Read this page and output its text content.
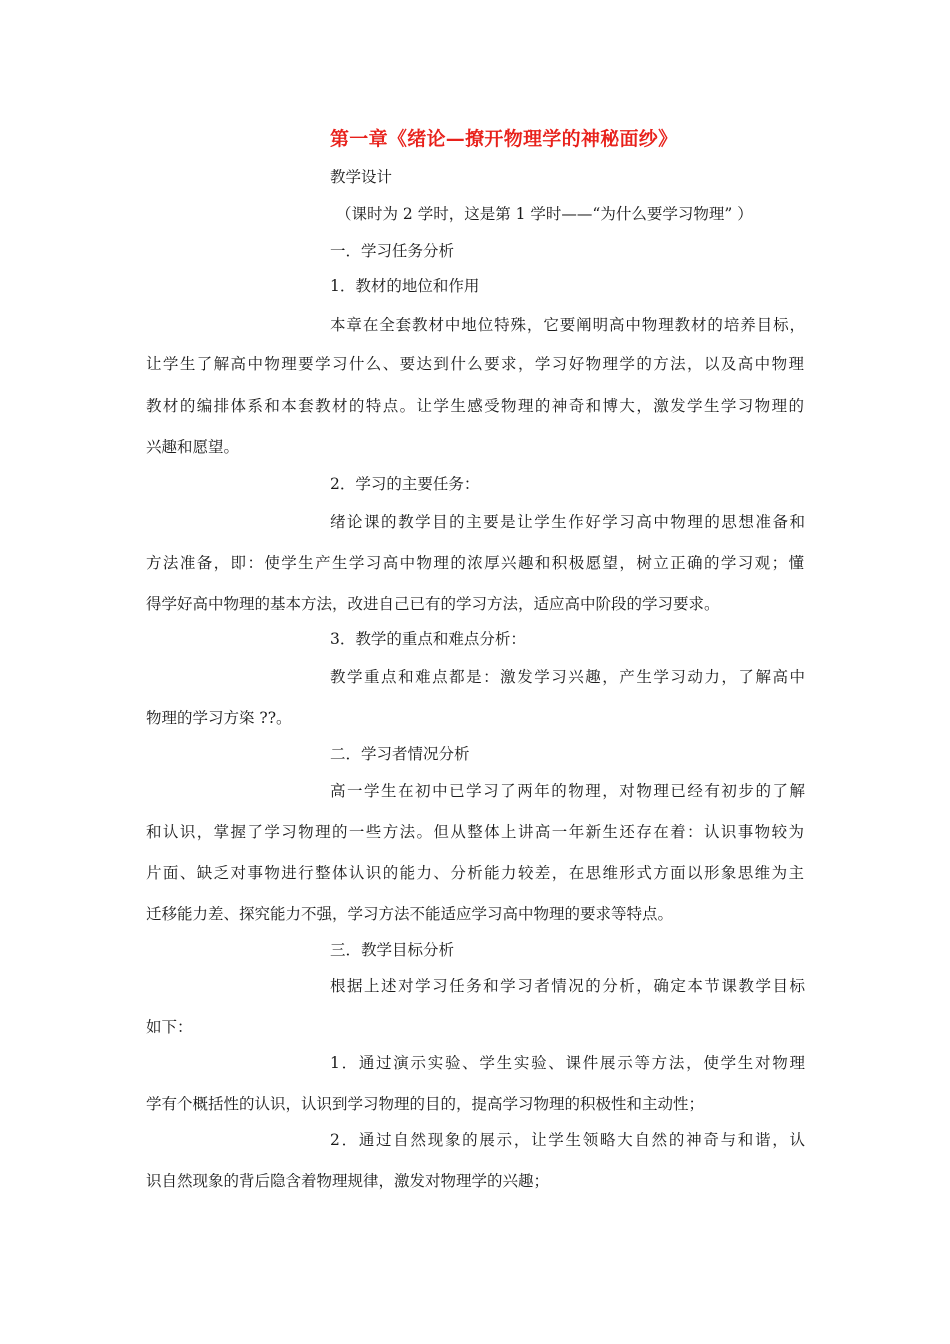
第一章《绪论—撩开物理学的神秘面纱》
教学设计
（课时为 2 学时，这是第 1 学时——“为什么要学习物理” ）
一．学习任务分析
1．教材的地位和作用
本章在全套教材中地位特殊，它要阐明高中物理教材的培养目标，
让学生了解高中物理要学习什么、要达到什么要求，学习好物理学的方法，以及高中物理
教材的编排体系和本套教材的特点。让学生感受物理的神奇和博大，激发学生学习物理的
兴趣和愿望。
2．学习的主要任务：
绪论课的教学目的主要是让学生作好学习高中物理的思想准备和
方法准备，即：使学生产生学习高中物理的浓厚兴趣和积极愿望，树立正确的学习观；懂
得学好高中物理的基本方法，改进自己已有的学习方法，适应高中阶段的学习要求。
3．教学的重点和难点分析：
教学重点和难点都是：激发学习兴趣，产生学习动力，了解高中
物理的学习方栥 ??。
二．学习者情况分析
高一学生在初中已学习了两年的物理，对物理已经有初步的了解
和认识，掌握了学习物理的一些方法。但从整体上讲高一年新生还存在着：认识事物较为
片面、缺乏对事物进行整体认识的能力、分析能力较差，在思维形式方面以形象思维为主
迁移能力差、探究能力不强，学习方法不能适应学习高中物理的要求等特点。
三．教学目标分析
根据上述对学习任务和学习者情况的分析，确定本节课教学目标
如下：
1．通过演示实验、学生实验、课件展示等方法，使学生对物理
学有个概括性的认识，认识到学习物理的目的，提高学习物理的积极性和主动性；
2．通过自然现象的展示，让学生领略大自然的神奇与和谐，认
识自然现象的背后隐含着物理规律，激发对物理学的兴趣；
